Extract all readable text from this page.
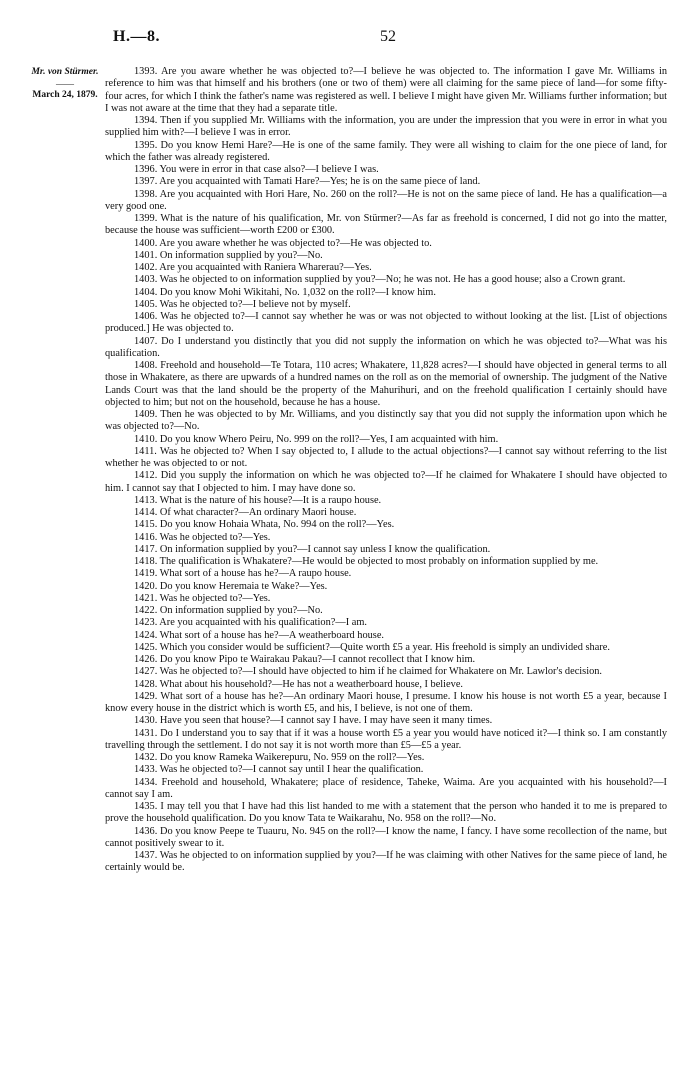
H.—8.	52
Mr. von Stürmer.
——
March 24, 1879.

1393. Are you aware whether he was objected to?—I believe he was objected to. The information I gave Mr. Williams in reference to him was that himself and his brothers (one or two of them) were all claiming for the same piece of land—for some fifty-four acres, for which I think the father's name was registered as well. I believe I might have given Mr. Williams further information; but I was not aware at the time that they had a separate title.

1394. Then if you supplied Mr. Williams with the information, you are under the impression that you were in error in what you supplied him with?—I believe I was in error.

1395. Do you know Hemi Hare?—He is one of the same family. They were all wishing to claim for the one piece of land, for which the father was already registered.

1396. You were in error in that case also?—I believe I was.

1397. Are you acquainted with Tamati Hare?—Yes; he is on the same piece of land.

1398. Are you acquainted with Hori Hare, No. 260 on the roll?—He is not on the same piece of land. He has a qualification—a very good one.

1399. What is the nature of his qualification, Mr. von Stürmer?—As far as freehold is concerned, I did not go into the matter, because the house was sufficient—worth £200 or £300.

1400. Are you aware whether he was objected to?—He was objected to.

1401. On information supplied by you?—No.

1402. Are you acquainted with Raniera Wharerau?—Yes.

1403. Was he objected to on information supplied by you?—No; he was not. He has a good house; also a Crown grant.

1404. Do you know Mohi Wikitahi, No. 1,032 on the roll?—I know him.

1405. Was he objected to?—I believe not by myself.

1406. Was he objected to?—I cannot say whether he was or was not objected to without looking at the list. [List of objections produced.] He was objected to.

1407. Do I understand you distinctly that you did not supply the information on which he was objected to?—What was his qualification.

1408. Freehold and household—Te Totara, 110 acres; Whakatere, 11,828 acres?—I should have objected in general terms to all those in Whakatere, as there are upwards of a hundred names on the roll as on the memorial of ownership. The judgment of the Native Lands Court was that the land should be the property of the Mahurihuri, and on the freehold qualification I certainly should have objected to him; but not on the household, because he has a house.

1409. Then he was objected to by Mr. Williams, and you distinctly say that you did not supply the information upon which he was objected to?—No.

1410. Do you know Whero Peiru, No. 999 on the roll?—Yes, I am acquainted with him.

1411. Was he objected to? When I say objected to, I allude to the actual objections?—I cannot say without referring to the list whether he was objected to or not.

1412. Did you supply the information on which he was objected to?—If he claimed for Whakatere I should have objected to him. I cannot say that I objected to him. I may have done so.

1413. What is the nature of his house?—It is a raupo house.

1414. Of what character?—An ordinary Maori house.

1415. Do you know Hohaia Whata, No. 994 on the roll?—Yes.

1416. Was he objected to?—Yes.

1417. On information supplied by you?—I cannot say unless I know the qualification.

1418. The qualification is Whakatere?—He would be objected to most probably on information supplied by me.

1419. What sort of a house has he?—A raupo house.

1420. Do you know Heremaia te Wake?—Yes.

1421. Was he objected to?—Yes.

1422. On information supplied by you?—No.

1423. Are you acquainted with his qualification?—I am.

1424. What sort of a house has he?—A weatherboard house.

1425. Which you consider would be sufficient?—Quite worth £5 a year. His freehold is simply an undivided share.

1426. Do you know Pipo te Wairakau Pakau?—I cannot recollect that I know him.

1427. Was he objected to?—I should have objected to him if he claimed for Whakatere on Mr. Lawlor's decision.

1428. What about his household?—He has not a weatherboard house, I believe.

1429. What sort of a house has he?—An ordinary Maori house, I presume. I know his house is not worth £5 a year, because I know every house in the district which is worth £5, and his, I believe, is not one of them.

1430. Have you seen that house?—I cannot say I have. I may have seen it many times.

1431. Do I understand you to say that if it was a house worth £5 a year you would have noticed it?—I think so. I am constantly travelling through the settlement. I do not say it is not worth more than £5—£5 a year.

1432. Do you know Rameka Waikerepuru, No. 959 on the roll?—Yes.

1433. Was he objected to?—I cannot say until I hear the qualification.

1434. Freehold and household, Whakatere; place of residence, Taheke, Waima. Are you acquainted with his household?—I cannot say I am.

1435. I may tell you that I have had this list handed to me with a statement that the person who handed it to me is prepared to prove the household qualification. Do you know Tata te Waikarahu, No. 958 on the roll?—No.

1436. Do you know Peepe te Tuauru, No. 945 on the roll?—I know the name, I fancy. I have some recollection of the name, but cannot positively swear to it.

1437. Was he objected to on information supplied by you?—If he was claiming with other Natives for the same piece of land, he certainly would be.
